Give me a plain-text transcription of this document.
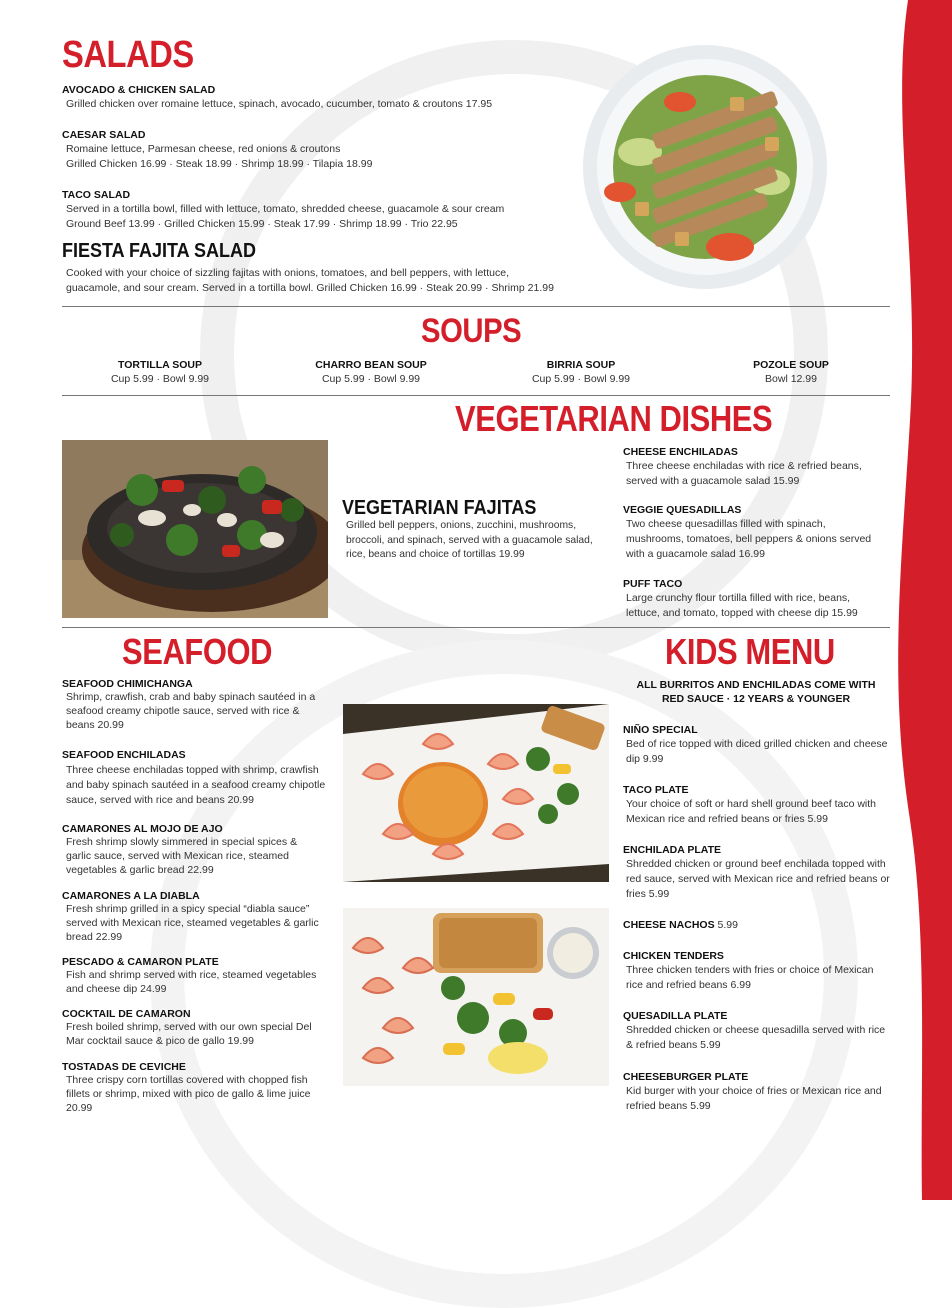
SALADS
AVOCADO & CHICKEN SALAD
Grilled chicken over romaine lettuce, spinach, avocado, cucumber, tomato & croutons 17.95
CAESAR SALAD
Romaine lettuce, Parmesan cheese, red onions & croutons
Grilled Chicken 16.99 · Steak 18.99 · Shrimp 18.99 · Tilapia 18.99
TACO SALAD
Served in a tortilla bowl, filled with lettuce, tomato, shredded cheese, guacamole & sour cream
Ground Beef 13.99 · Grilled Chicken 15.99 · Steak 17.99 · Shrimp 18.99 · Trio 22.95
FIESTA FAJITA SALAD
Cooked with your choice of sizzling fajitas with onions, tomatoes, and bell peppers, with lettuce,
guacamole, and sour cream. Served in a tortilla bowl. Grilled Chicken 16.99 · Steak 20.99 · Shrimp 21.99
SOUPS
TORTILLA SOUP
Cup 5.99 · Bowl 9.99
CHARRO BEAN SOUP
Cup 5.99 · Bowl 9.99
BIRRIA SOUP
Cup 5.99 · Bowl 9.99
POZOLE SOUP
Bowl 12.99
VEGETARIAN DISHES
VEGETARIAN FAJITAS
Grilled bell peppers, onions, zucchini, mushrooms, broccoli, and spinach, served with a guacamole salad, rice, beans and choice of tortillas 19.99
CHEESE ENCHILADAS
Three cheese enchiladas with rice & refried beans, served with a guacamole salad 15.99
VEGGIE QUESADILLAS
Two cheese quesadillas filled with spinach, mushrooms, tomatoes, bell peppers & onions served with a guacamole salad 16.99
PUFF TACO
Large crunchy flour tortilla filled with rice, beans, lettuce, and tomato, topped with cheese dip 15.99
SEAFOOD
SEAFOOD CHIMICHANGA
Shrimp, crawfish, crab and baby spinach sautéed in a seafood creamy chipotle sauce, served with rice & beans 20.99
SEAFOOD ENCHILADAS
Three cheese enchiladas topped with shrimp, crawfish and baby spinach sautéed in a seafood creamy chipotle sauce, served with rice and beans 20.99
CAMARONES AL MOJO DE AJO
Fresh shrimp slowly simmered in special spices & garlic sauce, served with Mexican rice, steamed vegetables & garlic bread 22.99
CAMARONES A LA DIABLA
Fresh shrimp grilled in a spicy special “diabla sauce” served with Mexican rice, steamed vegetables & garlic bread 22.99
PESCADO & CAMARON PLATE
Fish and shrimp served with rice, steamed vegetables and cheese dip 24.99
COCKTAIL DE CAMARON
Fresh boiled shrimp, served with our own special Del Mar cocktail sauce & pico de gallo 19.99
TOSTADAS DE CEVICHE
Three crispy corn tortillas covered with chopped fish fillets or shrimp, mixed with pico de gallo & lime juice 20.99
KIDS MENU
ALL BURRITOS AND ENCHILADAS COME WITH RED SAUCE · 12 YEARS & YOUNGER
NIÑO SPECIAL
Bed of rice topped with diced grilled chicken and cheese dip 9.99
TACO PLATE
Your choice of soft or hard shell ground beef taco with Mexican rice and refried beans or fries 5.99
ENCHILADA PLATE
Shredded chicken or ground beef enchilada topped with red sauce, served with Mexican rice and refried beans or fries 5.99
CHEESE NACHOS 5.99
CHICKEN TENDERS
Three chicken tenders with fries or choice of Mexican rice and refried beans 6.99
QUESADILLA PLATE
Shredded chicken or cheese quesadilla served with rice & refried beans 5.99
CHEESEBURGER PLATE
Kid burger with your choice of fries or Mexican rice and refried beans 5.99
